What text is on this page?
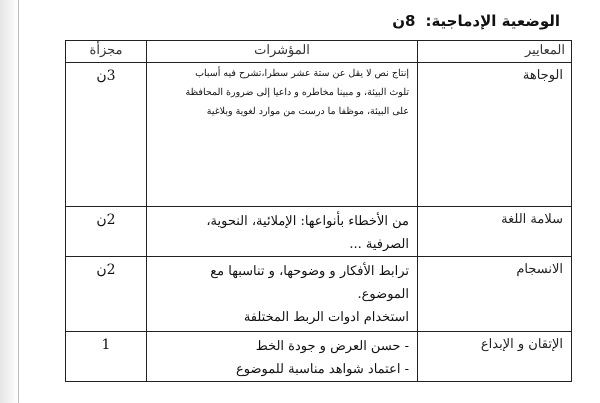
الوضعية الإدماجية:8ن
المعايير	المؤشرات	مجزأة
الوجاهة	إنتاج نص لا يقل عن ستة عشر سطرا،تشرح فيه أسباب
تلوث البيئة، و مبينا مخاطره و داعيا إلى ضرورة المحافظة
على البيئة، موظفا ما درست من موارد لغوية وبلاغية	3ن
سلامة اللغة	من الأخطاء بأنواعها: الإملائية، النحوية،
الصرفية ...	2ن
الانسجام	ترابط الأفكار و وضوحها، و تناسبها مع
الموضوع.
استخدام ادوات الربط المختلفة	2ن
الإتقان و الإبداع	- حسن العرض و جودة الخط
- اعتماد شواهد مناسبة للموضوع	1
